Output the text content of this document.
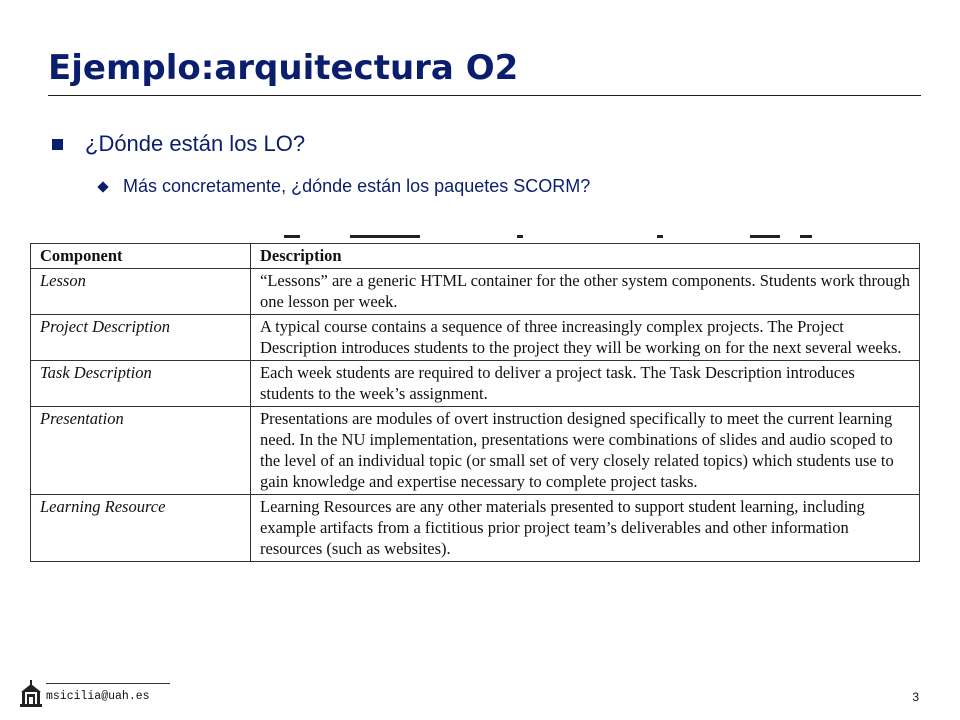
Ejemplo:arquitectura O2
¿Dónde están los LO?
Más concretamente, ¿dónde están los paquetes SCORM?
Component	Description
Lesson	“Lessons” are a generic HTML container for the other system components. Students work through one lesson per week.
Project Description	A typical course contains a sequence of three increasingly complex projects. The Project Description introduces students to the project they will be working on for the next several weeks.
Task Description	Each week students are required to deliver a project task. The Task Description introduces students to the week’s assignment.
Presentation	Presentations are modules of overt instruction designed specifically to meet the current learning need. In the NU implementation, presentations were combinations of slides and audio scoped to the level of an individual topic (or small set of very closely related topics) which students use to gain knowledge and expertise necessary to complete project tasks.
Learning Resource	Learning Resources are any other materials presented to support student learning, including example artifacts from a fictitious prior project team’s deliverables and other information resources (such as websites).
msicilia@uah.es	3
